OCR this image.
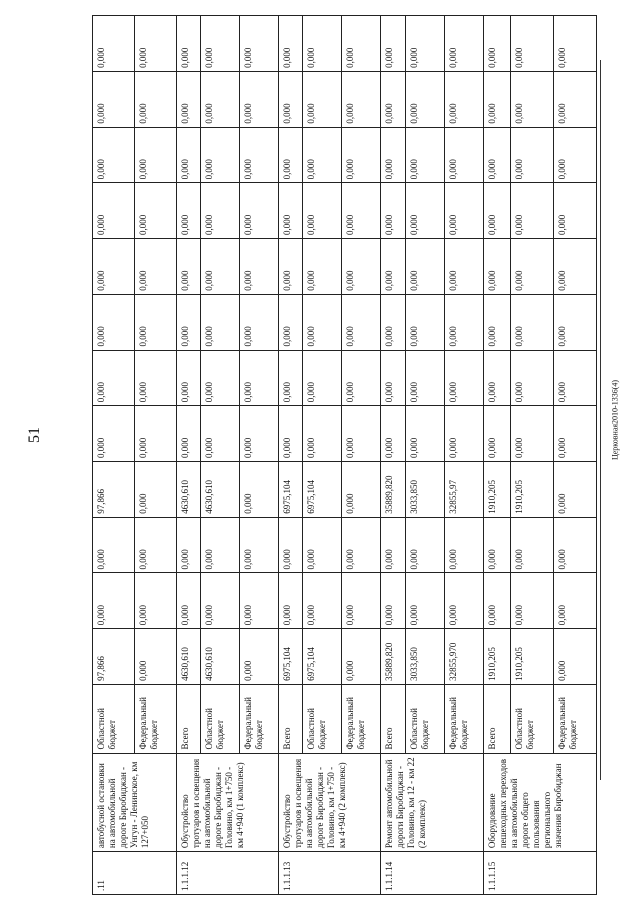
51	Церковная2010-1336(4)
.11	автобусной остановки на автомобильной дороге Биробиджан - Унгун - Ленинское, км 127+050	Областной бюджет	97,866	0,000	0,000	97,866	0,000	0,000	0,000	0,000	0,000	0,000	0,000	0,000
		Федеральный бюджет	0,000	0,000	0,000	0,000	0,000	0,000	0,000	0,000	0,000	0,000	0,000	0,000
1.1.1.12	Обустройство тротуаров и освещения на автомобильной дороге Биробиджан - Головино, км 1+750 - км 4+940 (1 комплекс)	Всего	4630,610	0,000	0,000	4630,610	0,000	0,000	0,000	0,000	0,000	0,000	0,000	0,000
		Областной бюджет	4630,610	0,000	0,000	4630,610	0,000	0,000	0,000	0,000	0,000	0,000	0,000	0,000
		Федеральный бюджет	0,000	0,000	0,000	0,000	0,000	0,000	0,000	0,000	0,000	0,000	0,000	0,000
1.1.1.13	Обустройство тротуаров и освещения на автомобильной дороге Биробиджан - Головино, км 1+750 - км 4+940 (2 комплекс)	Всего	6975,104	0,000	0,000	6975,104	0,000	0,000	0,000	0,000	0,000	0,000	0,000	0,000
		Областной бюджет	6975,104	0,000	0,000	6975,104	0,000	0,000	0,000	0,000	0,000	0,000	0,000	0,000
		Федеральный бюджет	0,000	0,000	0,000	0,000	0,000	0,000	0,000	0,000	0,000	0,000	0,000	0,000
1.1.1.14	Ремонт автомобильной дороги Биробиджан - Головино, км 12 - км 22 (2 комплекс)	Всего	35889,820	0,000	0,000	35889,820	0,000	0,000	0,000	0,000	0,000	0,000	0,000	0,000
		Областной бюджет	3033,850	0,000	0,000	3033,850	0,000	0,000	0,000	0,000	0,000	0,000	0,000	0,000
		Федеральный бюджет	32855,970	0,000	0,000	32855,97	0,000	0,000	0,000	0,000	0,000	0,000	0,000	0,000
1.1.1.15	Оборудование пешеходных переходов на автомобильной дороге общего пользования регионального значения Биробиджан	Всего	1910,205	0,000	0,000	1910,205	0,000	0,000	0,000	0,000	0,000	0,000	0,000	0,000
		Областной бюджет	1910,205	0,000	0,000	1910,205	0,000	0,000	0,000	0,000	0,000	0,000	0,000	0,000
		Федеральный бюджет	0,000	0,000	0,000	0,000	0,000	0,000	0,000	0,000	0,000	0,000	0,000	0,000
